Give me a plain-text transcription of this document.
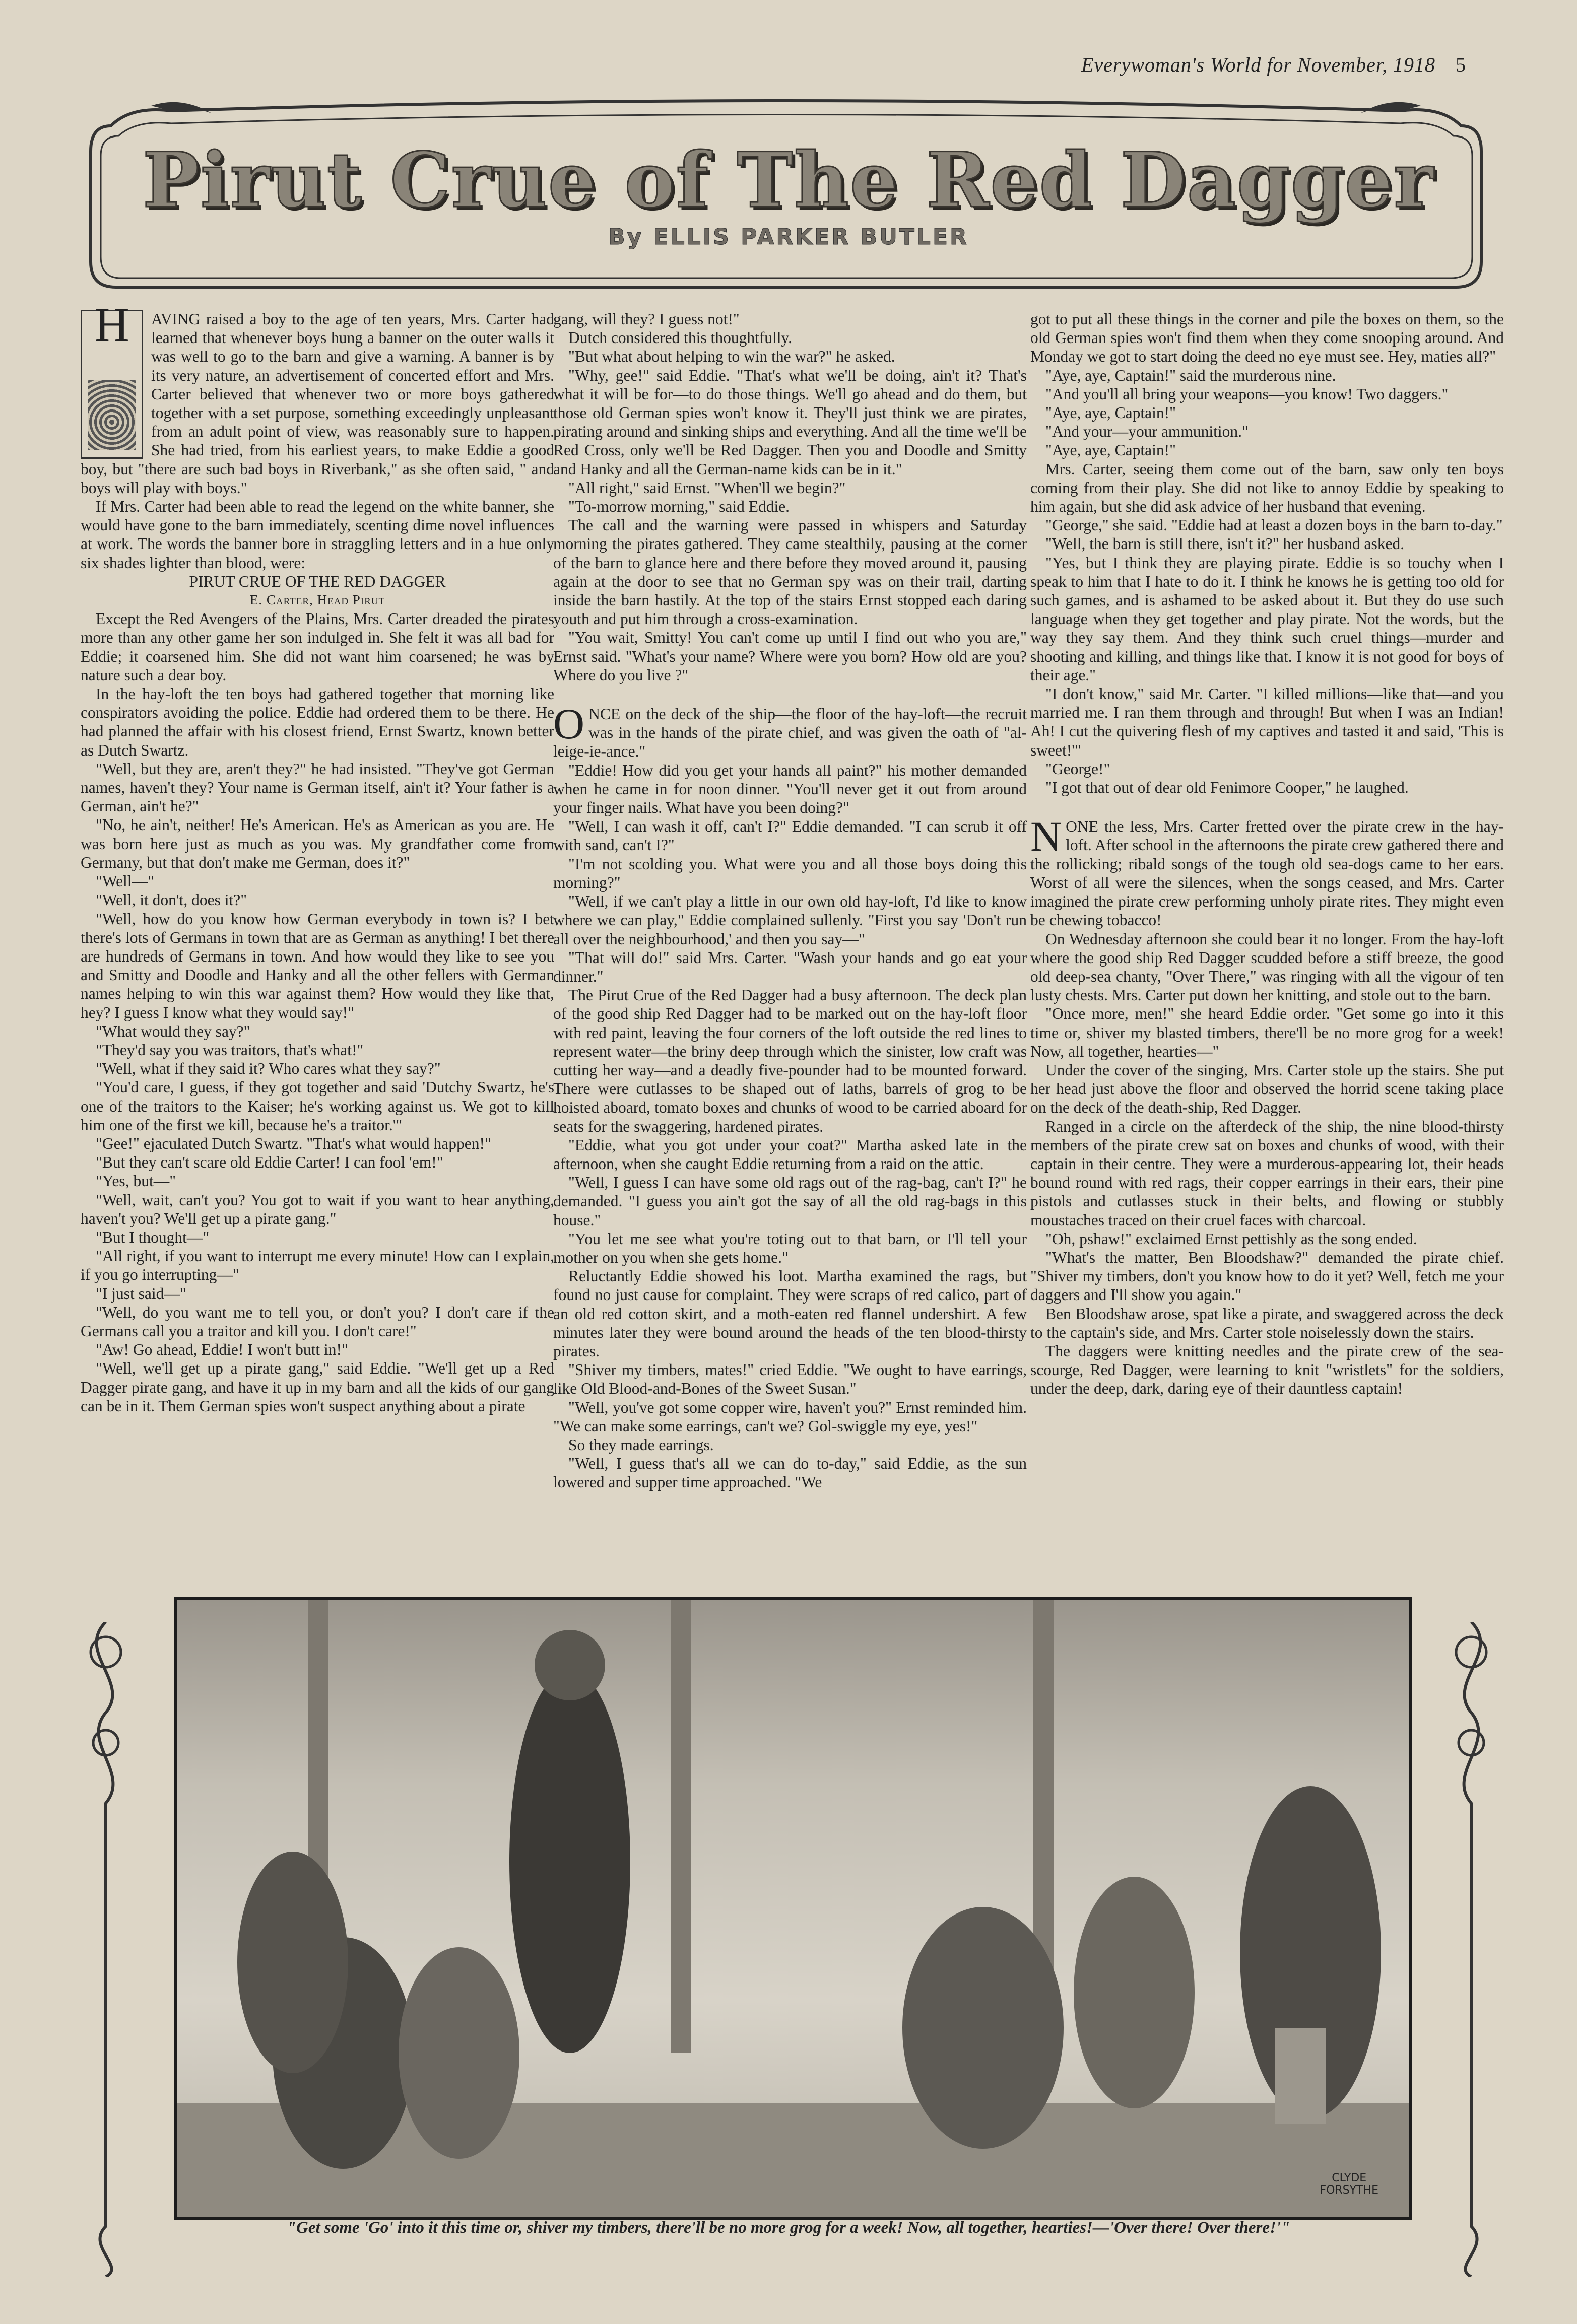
Everywoman's World for November, 1918 5
Pirut Crue of The Red Dagger
By ELLIS PARKER BUTLER
H	AVING raised a boy to the age of ten years, Mrs. Carter had learned that whenever boys hung a banner on the outer walls it was well to go to the barn and give a warning. A banner is by its very nature, an advertisement of concerted effort and Mrs. Carter believed that whenever two or more boys gathered together with a set purpose, something exceedingly unpleasant from an adult point of view, was reasonably sure to happen. She had tried, from his earliest years, to make Eddie a good boy, but "there are such bad boys in Riverbank," as she often said, " and boys will play with boys."

If Mrs. Carter had been able to read the legend on the white banner, she would have gone to the barn immediately, scenting dime novel influences at work. The words the banner bore in straggling letters and in a hue only six shades lighter than blood, were:

PIRUT CRUE OF THE RED DAGGER

E. Carter, Head Pirut

Except the Red Avengers of the Plains, Mrs. Carter dreaded the pirates more than any other game her son indulged in. She felt it was all bad for Eddie; it coarsened him. She did not want him coarsened; he was by nature such a dear boy.

In the hay-loft the ten boys had gathered together that morning like conspirators avoiding the police. Eddie had ordered them to be there. He had planned the affair with his closest friend, Ernst Swartz, known better as Dutch Swartz.

"Well, but they are, aren't they?" he had insisted. "They've got German names, haven't they? Your name is German itself, ain't it? Your father is a German, ain't he?"

"No, he ain't, neither! He's American. He's as American as you are. He was born here just as much as you was. My grandfather come from Germany, but that don't make me German, does it?"

"Well—"

"Well, it don't, does it?"

"Well, how do you know how German everybody in town is? I bet there's lots of Germans in town that are as German as anything! I bet there are hundreds of Germans in town. And how would they like to see you and Smitty and Doodle and Hanky and all the other fellers with German names helping to win this war against them? How would they like that, hey? I guess I know what they would say!"

"What would they say?"

"They'd say you was traitors, that's what!"

"Well, what if they said it? Who cares what they say?"

"You'd care, I guess, if they got together and said 'Dutchy Swartz, he's one of the traitors to the Kaiser; he's working against us. We got to kill him one of the first we kill, because he's a traitor.'"

"Gee!" ejaculated Dutch Swartz. "That's what would happen!"

"But they can't scare old Eddie Carter! I can fool 'em!"

"Yes, but—"

"Well, wait, can't you? You got to wait if you want to hear anything, haven't you? We'll get up a pirate gang."

"But I thought—"

"All right, if you want to interrupt me every minute! How can I explain, if you go interrupting—"

"I just said—"

"Well, do you want me to tell you, or don't you? I don't care if the Germans call you a traitor and kill you. I don't care!"

"Aw! Go ahead, Eddie! I won't butt in!"

"Well, we'll get up a pirate gang," said Eddie. "We'll get up a Red Dagger pirate gang, and have it up in my barn and all the kids of our gang can be in it. Them German spies won't suspect anything about a pirate

gang, will they? I guess not!"

Dutch considered this thoughtfully.

"But what about helping to win the war?" he asked.

"Why, gee!" said Eddie. "That's what we'll be doing, ain't it? That's what it will be for—to do those things. We'll go ahead and do them, but those old German spies won't know it. They'll just think we are pirates, pirating around and sinking ships and everything. And all the time we'll be Red Cross, only we'll be Red Dagger. Then you and Doodle and Smitty and Hanky and all the German-name kids can be in it."

"All right," said Ernst. "When'll we begin?"

"To-morrow morning," said Eddie.

The call and the warning were passed in whispers and Saturday morning the pirates gathered. They came stealthily, pausing at the corner of the barn to glance here and there before they moved around it, pausing again at the door to see that no German spy was on their trail, darting inside the barn hastily. At the top of the stairs Ernst stopped each daring youth and put him through a cross-examination.

"You wait, Smitty! You can't come up until I find out who you are," Ernst said. "What's your name? Where were you born? How old are you? Where do you live ?"

ONCE on the deck of the ship—the floor of the hay-loft—the recruit was in the hands of the pirate chief, and was given the oath of "al-leige-ie-ance."

"Eddie! How did you get your hands all paint?" his mother demanded when he came in for noon dinner. "You'll never get it out from around your finger nails. What have you been doing?"

"Well, I can wash it off, can't I?" Eddie demanded. "I can scrub it off with sand, can't I?"

"I'm not scolding you. What were you and all those boys doing this morning?"

"Well, if we can't play a little in our own old hay-loft, I'd like to know where we can play," Eddie complained sullenly. "First you say 'Don't run all over the neighbourhood,' and then you say—"

"That will do!" said Mrs. Carter. "Wash your hands and go eat your dinner."

The Pirut Crue of the Red Dagger had a busy afternoon. The deck plan of the good ship Red Dagger had to be marked out on the hay-loft floor with red paint, leaving the four corners of the loft outside the red lines to represent water—the briny deep through which the sinister, low craft was cutting her way—and a deadly five-pounder had to be mounted forward. There were cutlasses to be shaped out of laths, barrels of grog to be hoisted aboard, tomato boxes and chunks of wood to be carried aboard for seats for the swaggering, hardened pirates.

"Eddie, what you got under your coat?" Martha asked late in the afternoon, when she caught Eddie returning from a raid on the attic.

"Well, I guess I can have some old rags out of the rag-bag, can't I?" he demanded. "I guess you ain't got the say of all the old rag-bags in this house."

"You let me see what you're toting out to that barn, or I'll tell your mother on you when she gets home."

Reluctantly Eddie showed his loot. Martha examined the rags, but found no just cause for complaint. They were scraps of red calico, part of an old red cotton skirt, and a moth-eaten red flannel undershirt. A few minutes later they were bound around the heads of the ten blood-thirsty pirates.

"Shiver my timbers, mates!" cried Eddie. "We ought to have earrings, like Old Blood-and-Bones of the Sweet Susan."

"Well, you've got some copper wire, haven't you?" Ernst reminded him. "We can make some earrings, can't we? Gol-swiggle my eye, yes!"

So they made earrings.

"Well, I guess that's all we can do to-day," said Eddie, as the sun lowered and supper time approached. "We

got to put all these things in the corner and pile the boxes on them, so the old German spies won't find them when they come snooping around. And Monday we got to start doing the deed no eye must see. Hey, maties all?"

"Aye, aye, Captain!" said the murderous nine.

"And you'll all bring your weapons—you know! Two daggers."

"Aye, aye, Captain!"

"And your—your ammunition."

"Aye, aye, Captain!"

Mrs. Carter, seeing them come out of the barn, saw only ten boys coming from their play. She did not like to annoy Eddie by speaking to him again, but she did ask advice of her husband that evening.

"George," she said. "Eddie had at least a dozen boys in the barn to-day."

"Well, the barn is still there, isn't it?" her husband asked.

"Yes, but I think they are playing pirate. Eddie is so touchy when I speak to him that I hate to do it. I think he knows he is getting too old for such games, and is ashamed to be asked about it. But they do use such language when they get together and play pirate. Not the words, but the way they say them. And they think such cruel things—murder and shooting and killing, and things like that. I know it is not good for boys of their age."

"I don't know," said Mr. Carter. "I killed millions—like that—and you married me. I ran them through and through! But when I was an Indian! Ah! I cut the quivering flesh of my captives and tasted it and said, 'This is sweet!'"

"George!"

"I got that out of dear old Fenimore Cooper," he laughed.

NONE the less, Mrs. Carter fretted over the pirate crew in the hay-loft. After school in the afternoons the pirate crew gathered there and the rollicking; ribald songs of the tough old sea-dogs came to her ears. Worst of all were the silences, when the songs ceased, and Mrs. Carter imagined the pirate crew performing unholy pirate rites. They might even be chewing tobacco!

On Wednesday afternoon she could bear it no longer. From the hay-loft where the good ship Red Dagger scudded before a stiff breeze, the good old deep-sea chanty, "Over There," was ringing with all the vigour of ten lusty chests. Mrs. Carter put down her knitting, and stole out to the barn.

"Once more, men!" she heard Eddie order. "Get some go into it this time or, shiver my blasted timbers, there'll be no more grog for a week! Now, all together, hearties—"

Under the cover of the singing, Mrs. Carter stole up the stairs. She put her head just above the floor and observed the horrid scene taking place on the deck of the death-ship, Red Dagger.

Ranged in a circle on the afterdeck of the ship, the nine blood-thirsty members of the pirate crew sat on boxes and chunks of wood, with their captain in their centre. They were a murderous-appearing lot, their heads bound round with red rags, their copper earrings in their ears, their pine pistols and cutlasses stuck in their belts, and flowing or stubbly moustaches traced on their cruel faces with charcoal.

"Oh, pshaw!" exclaimed Ernst pettishly as the song ended.

"What's the matter, Ben Bloodshaw?" demanded the pirate chief. "Shiver my timbers, don't you know how to do it yet? Well, fetch me your daggers and I'll show you again."

Ben Bloodshaw arose, spat like a pirate, and swaggered across the deck to the captain's side, and Mrs. Carter stole noiselessly down the stairs.

The daggers were knitting needles and the pirate crew of the sea-scourge, Red Dagger, were learning to knit "wristlets" for the soldiers, under the deep, dark, daring eye of their dauntless captain!

CLYDE
FORSYTHE
"Get some 'Go' into it this time or, shiver my timbers, there'll be no more grog for a week! Now, all together, hearties!—'Over there! Over there!'"
